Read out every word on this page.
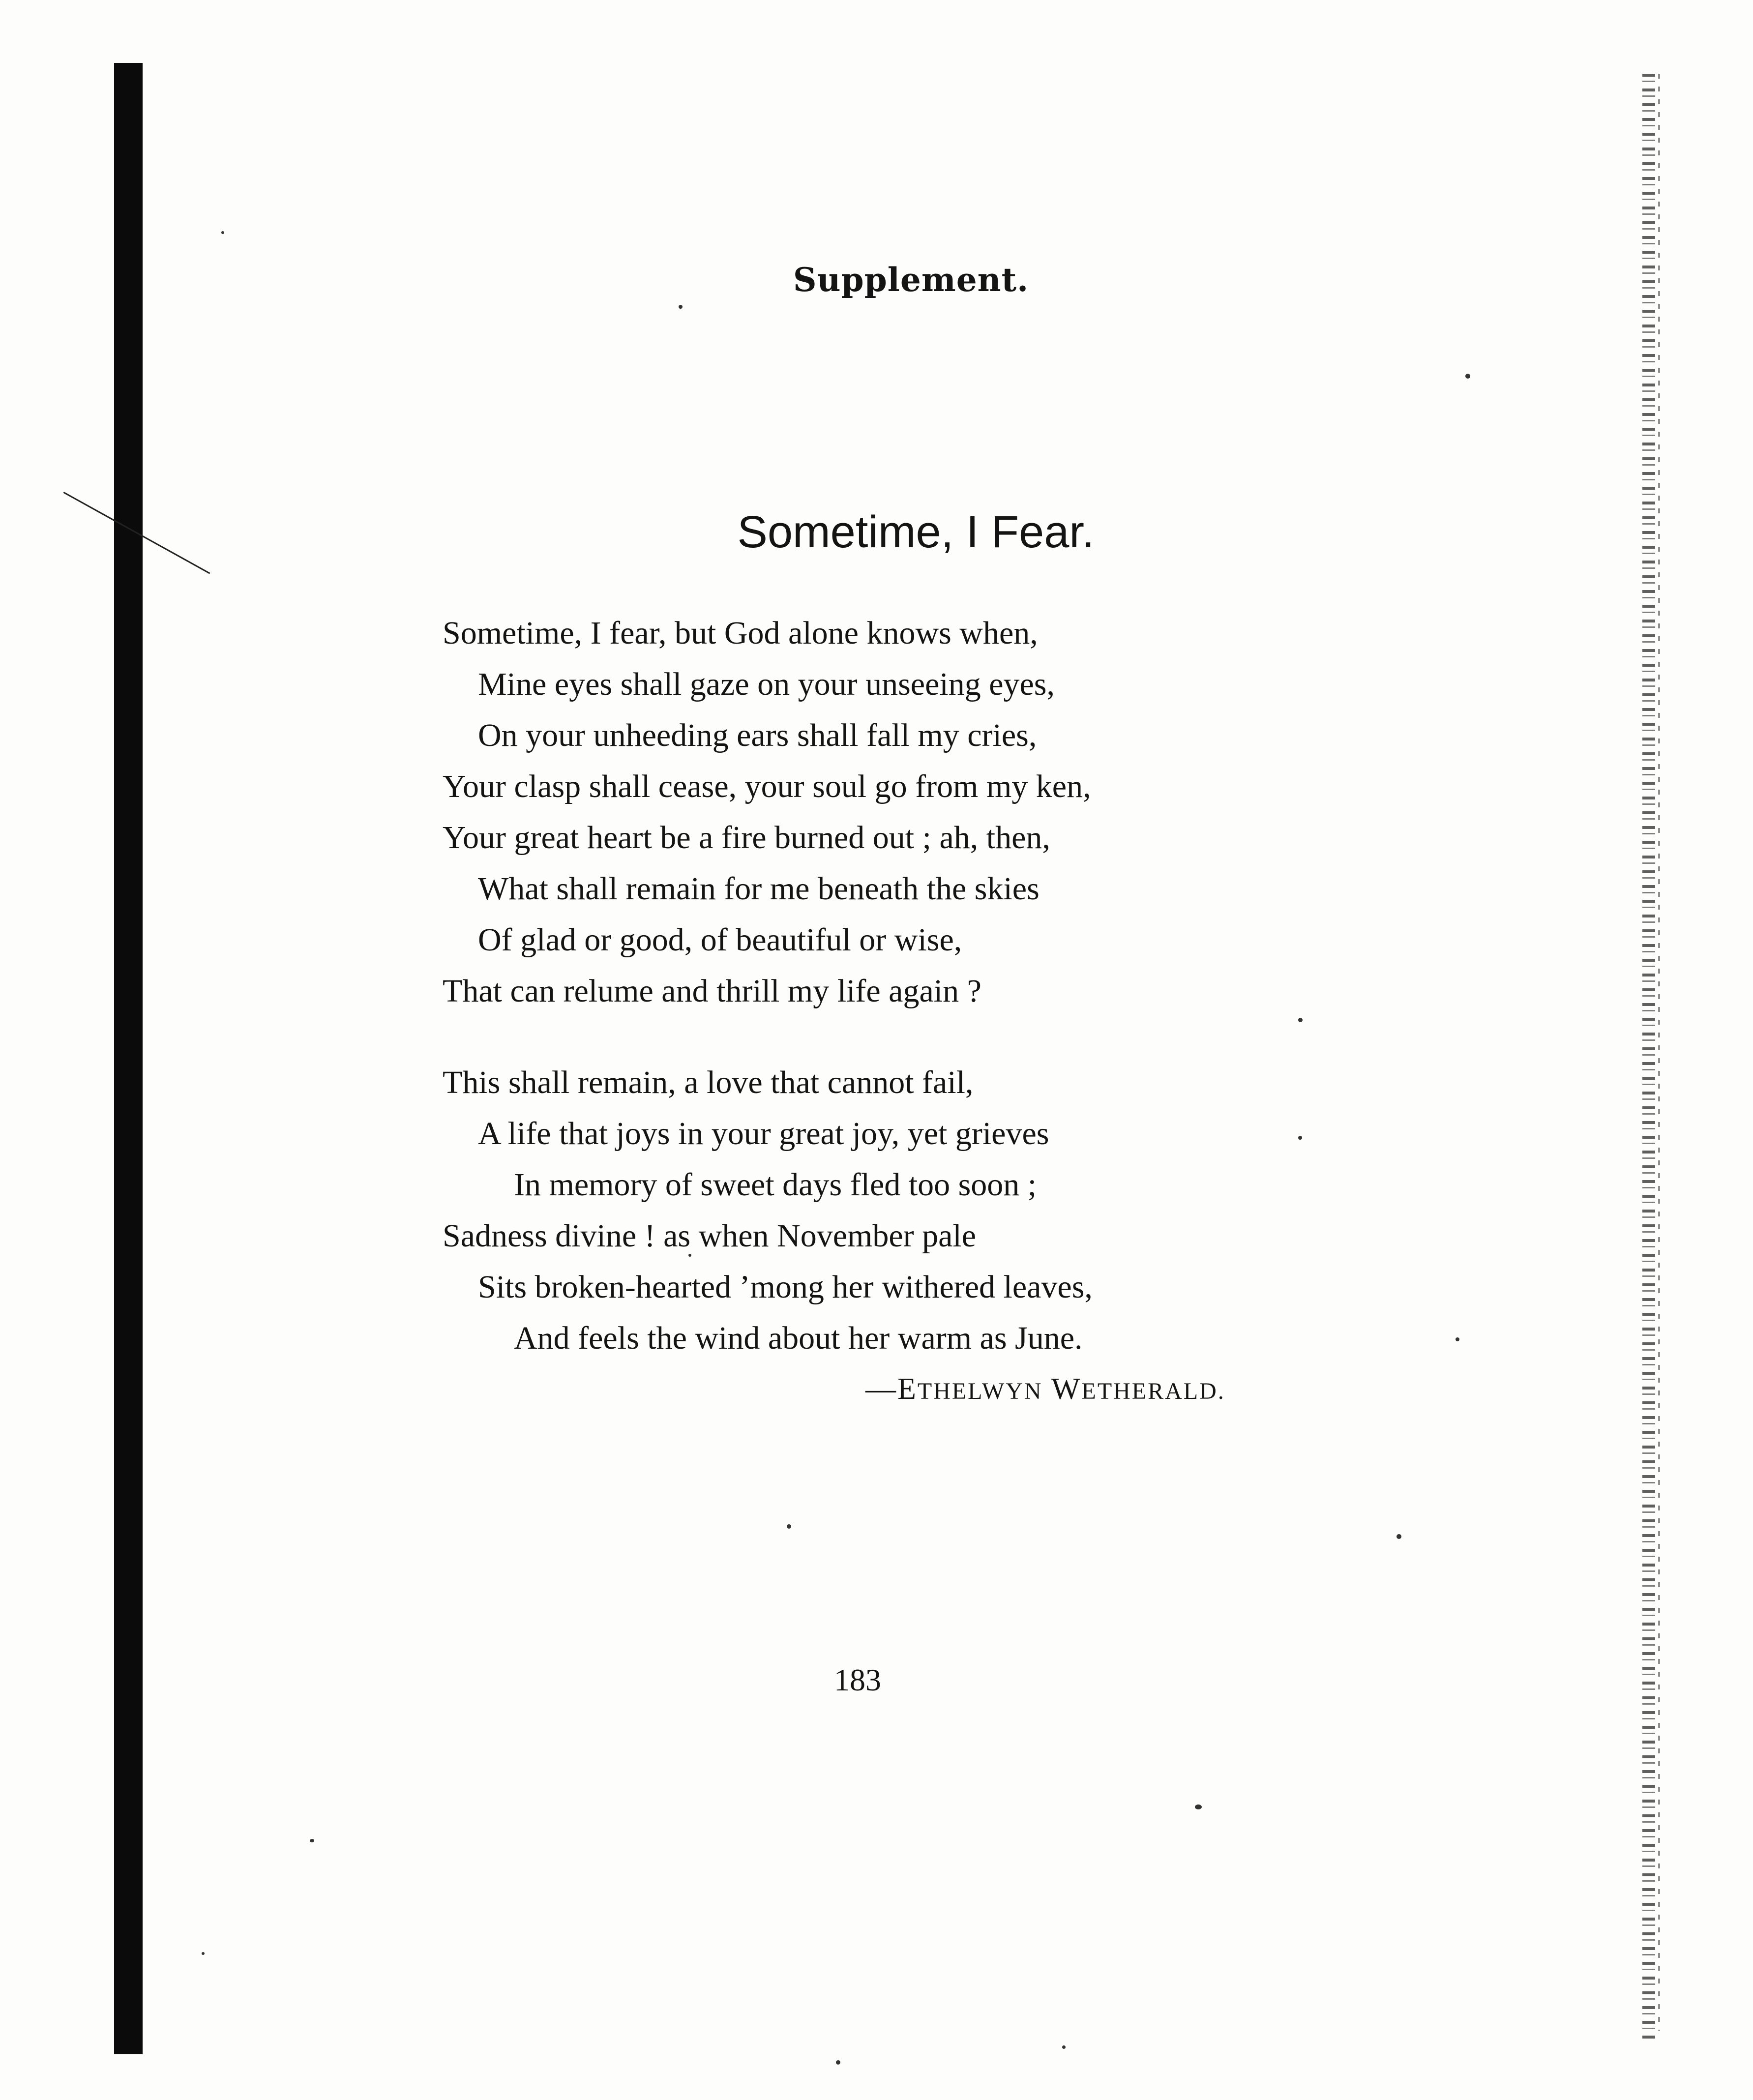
Supplement.
Sometime, I Fear.
Sometime, I fear, but God alone knows when,
Mine eyes shall gaze on your unseeing eyes,
On your unheeding ears shall fall my cries,
Your clasp shall cease, your soul go from my ken,
Your great heart be a fire burned out ; ah, then,
What shall remain for me beneath the skies
Of glad or good, of beautiful or wise,
That can relume and thrill my life again ?
This shall remain, a love that cannot fail,
A life that joys in your great joy, yet grieves
In memory of sweet days fled too soon ;
Sadness divine ! as when November pale
Sits broken-hearted ’mong her withered leaves,
And feels the wind about her warm as June.
—ETHELWYN WETHERALD.
183
